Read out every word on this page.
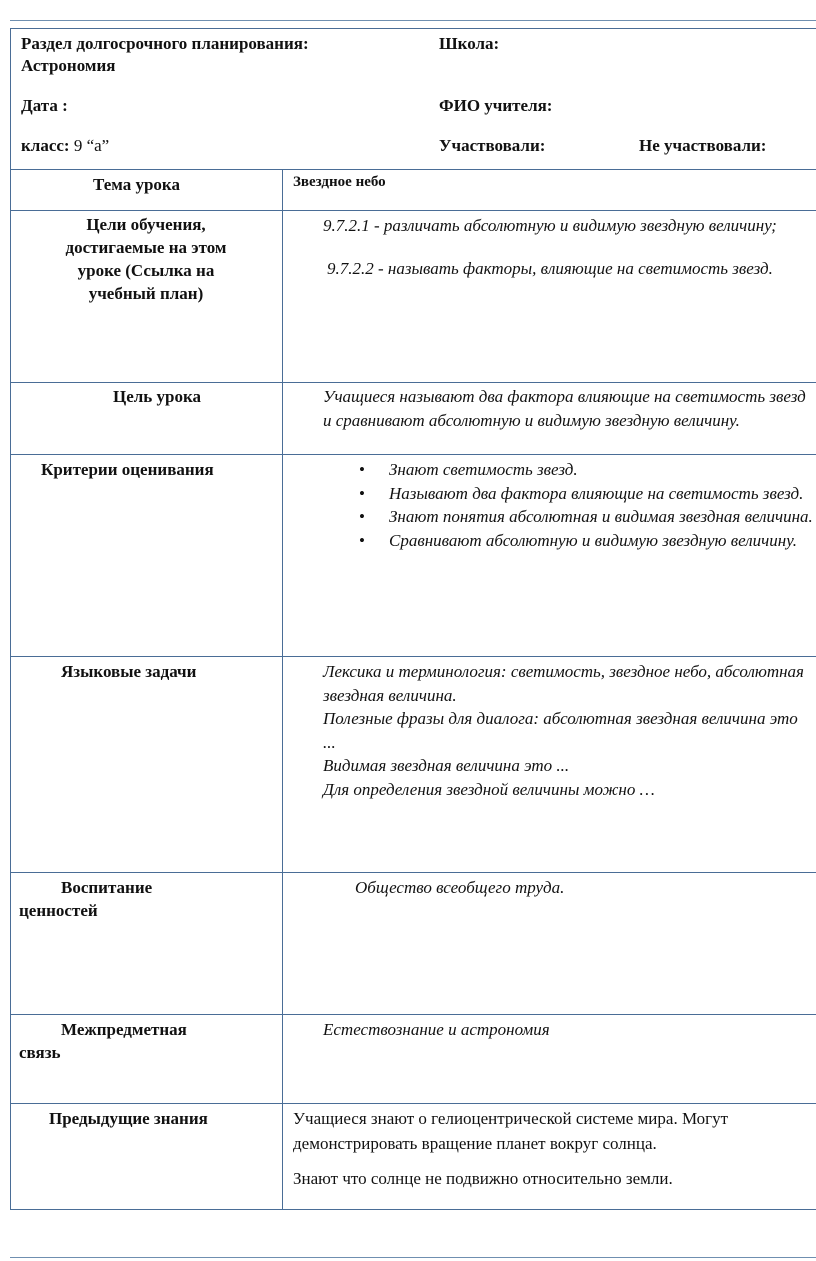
Раздел долгосрочного планирования:
Астрономия
Школа:
Дата :	ФИО учителя:
класс: 9 “а”	Участвовали:	Не участвовали:
Тема урока	Звездное небо
Цели обучения,
достигаемые на этом
уроке (Ссылка на
учебный план)

9.7.2.1 - различать абсолютную и видимую звездную величину;

9.7.2.2 - называть факторы, влияющие на светимость звезд.

Цель урока	Учащиеся называют два фактора влияющие на светимость звезд и сравнивают абсолютную и видимую звездную величину.
Критерии оценивания
•	Знают светимость звезд.
• Называют два фактора влияющие на светимость звезд.
• Знают понятия абсолютная и видимая звездная величина.
• Сравнивают абсолютную и видимую звездную величину.
Языковые задачи	Лексика и терминология: светимость, звездное небо, абсолютная звездная величина.

Полезные фразы для диалога: абсолютная звездная величина это ...

Видимая звездная величина это ...

Для определения звездной величины можно …

Воспитание
ценностей
Общество всеобщего труда.
Межпредметная
связь
Естествознание и астрономия
Предыдущие знания	Учащиеся знают о гелиоцентрической системе мира. Могут демонстрировать вращение планет вокруг солнца.
Знают что солнце не подвижно относительно земли.
